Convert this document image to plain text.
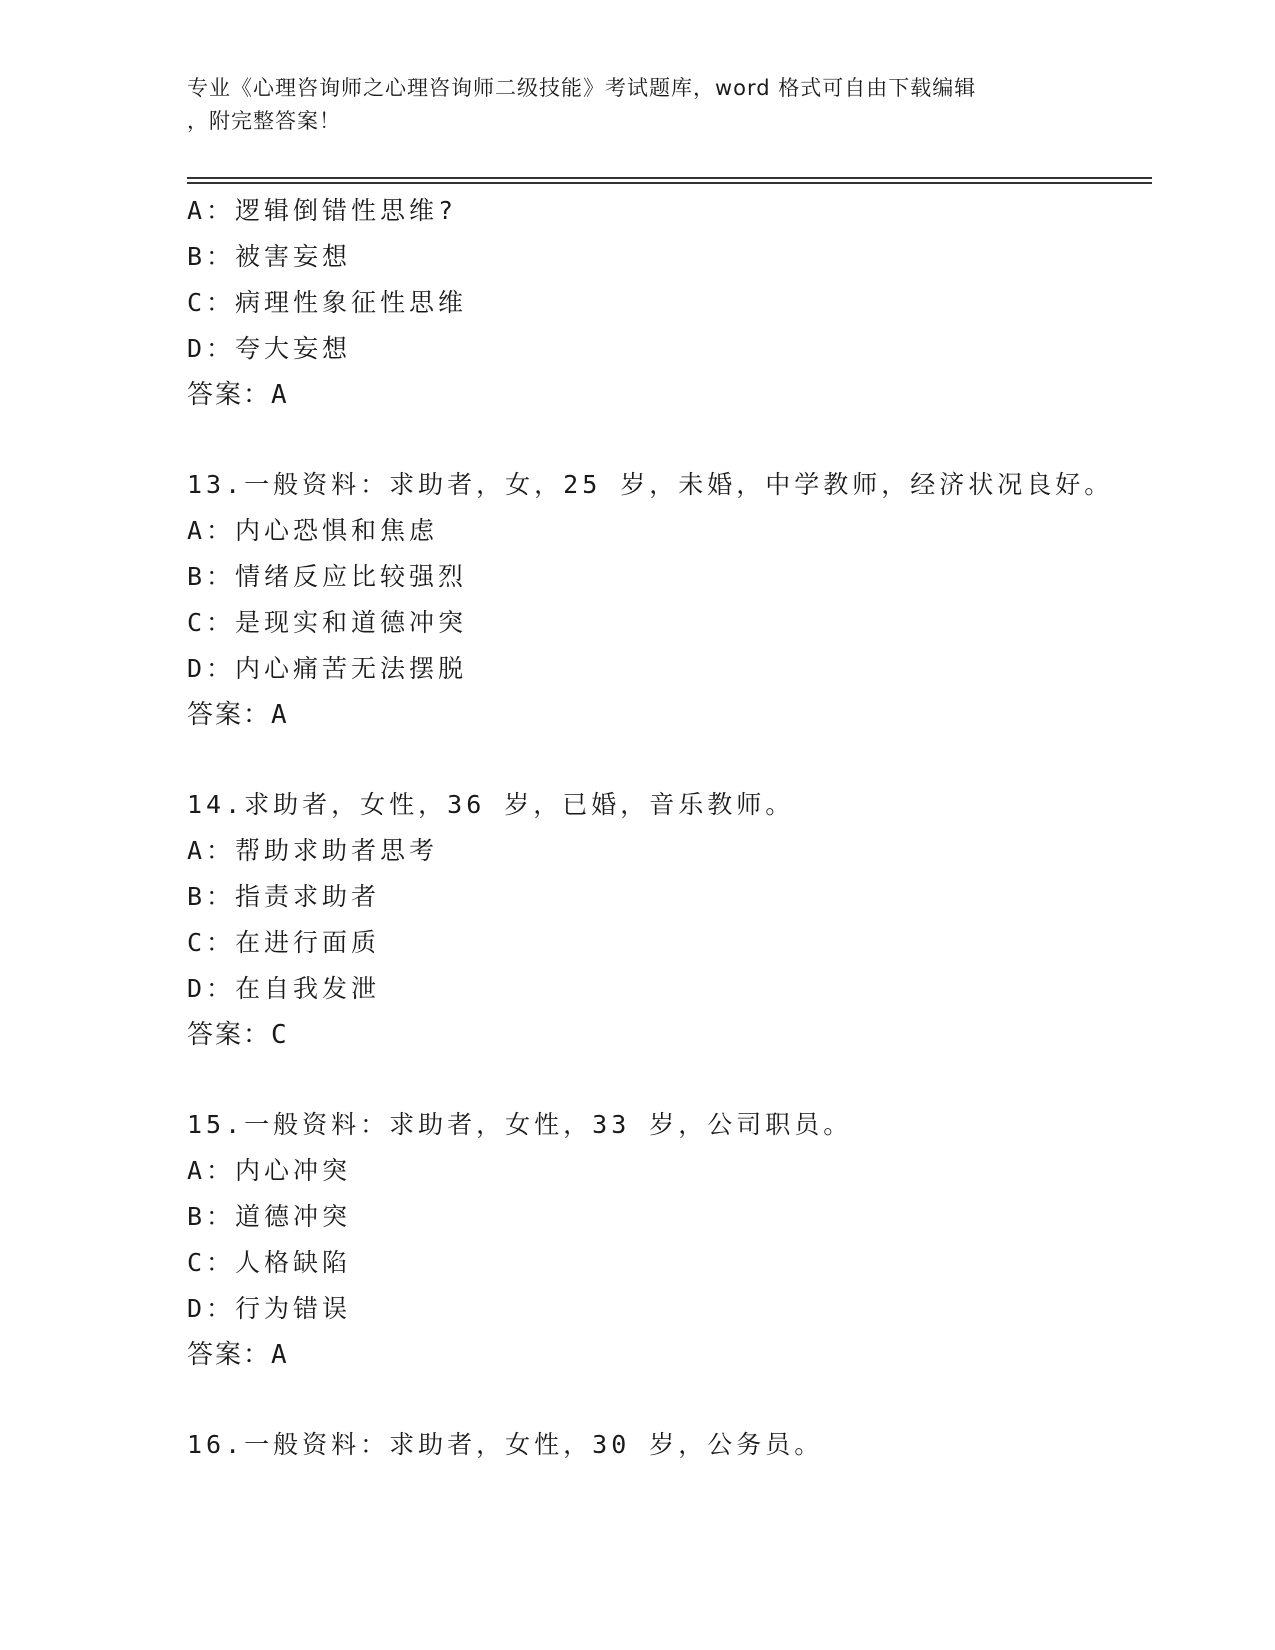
专业《心理咨询师之心理咨询师二级技能》考试题库，word 格式可自由下载编辑
，附完整答案！
A：逻辑倒错性思维?
B：被害妄想
C：病理性象征性思维
D：夸大妄想
答案：A
13.一般资料：求助者，女，25 岁，未婚，中学教师，经济状况良好。
A：内心恐惧和焦虑
B：情绪反应比较强烈
C：是现实和道德冲突
D：内心痛苦无法摆脱
答案：A
14.求助者，女性，36 岁，已婚，音乐教师。
A：帮助求助者思考
B：指责求助者
C：在进行面质
D：在自我发泄
答案：C
15.一般资料：求助者，女性，33 岁，公司职员。
A：内心冲突
B：道德冲突
C：人格缺陷
D：行为错误
答案：A
16.一般资料：求助者，女性，30 岁，公务员。
